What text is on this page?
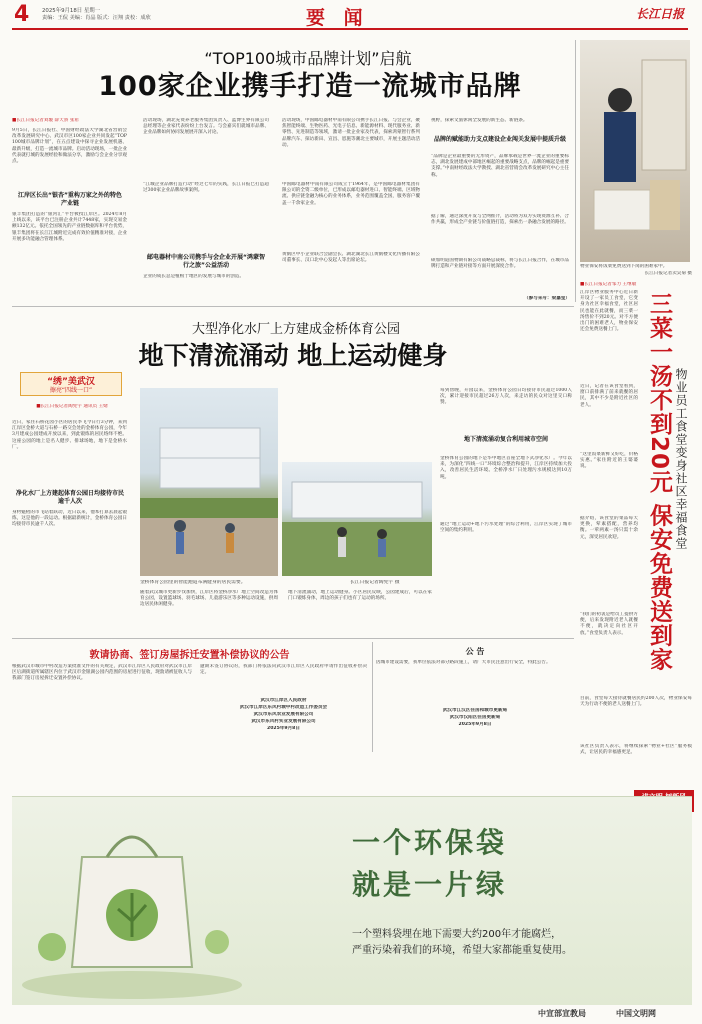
4 2025年9月18日 星期一
责编：王侃 美编：肖晶 版式：汪翔 责校：成欣	要 闻	长江日报
“TOP100城市品牌计划”启航
100家企业携手打造一流城市品牌
■长江日报记者刘璇 薛天骄 张希
9月5日，长江日报社、中国财经政法大学湖北省营销会改革发展研究中心、武汉市区100家企业共同发起“TOP100城市品牌计划”，在五点建设中探寻企业发展机遇、最新升级，打造一流城市品牌。启动活动现场，一批企业代表就打城的发展经验和做法分享，激励与会企业分享观点。
江岸区长出“银杏”重构万家之外的特色产业链
银丰集团打造的“银河汇”平台被授江岸区。2024年8月上线以来，该平台已注册企业共计7448家，实现交易金额132亿元。依托全国领先的产业链数据库和平台优势，银丰集团将在长江江城附近完成有效价值精准对接，企业开展多功能融合管理体系。
活动现场，湖北充资养老服务集团负责人、蓝博生界有限公司总经理等企业家代表纷纷上台发言。与会嘉宾们就城市品牌、企业品牌如何协同发展展开深入讨论。
“江城企业品牌打造行动”经过七年的实践，长江日报已打造超过300家企业品牌故事案例。
邮电器材中南公司携手与会企业开展“鸿蒙智行之旅”公益活动
企业的成长总是植根于地区的发展与城市的创造。
活动现场，中国邮电器材中南有限公司携手长江日报、与会企业，聚焦智能终端、生物医药、光电子信息、新能源材料、现代服务业、新零售、先进制造等领域，激请一批企业家及代表，探索鸿蒙智行系列品牌汽车、探访新田、宣昌、恩施等潮北主要城市，开展主题活动活动。
中国邮电器材中南有限公司成立于1964年，是中国邮电器材集团有限公司的全资二级单位，已形成以邮电器材进口、智能终端、区域物流、供应链金融为核心的业务体系，业务范围覆盖全国，服务客户覆盖一千余家企业。
黄鹤区中小企业联合会副会长、湖北湖北长江黄鹤楼文化传播有限公司董事长、汉口北中心发起人等出席论坛。
视野，探索文旅休闲全发展的新生态、新链条。
品牌的赋能助力支点建设企业闯关发展中提质升级
“品牌是企业最重要的无形资产，品牌承载是世界一流企业的重要标志，湖北发展建成中部地区崛起的重要战略支点，品牌的崛起是重要支撑。”中南财经政法大学教授、湖北省营销会改革发展研究中心主任称。
据了解，通过深度开发与全网推介，活动将为双方实现资源互补、合作共赢，形成全产业链与价值链打造，探索出一条融合发展的路径。
硕加明道国物期有限公司战略总裁称，将与长江日报合作，在城市品牌打造和产业链对接等方面开展深度合作。
（参与采写：梁嘉莹）
大型净化水厂上方建成金桥体育公园
地下清流涌动 地上运动健身
“绣”美武汉
擦亮“四线一口”
■长江日报记者陶宪宇 通讯员 王婧
近日，家住石桥花园小区的居民李飞今日行3分钟，来到江岸区金桥大道与石桥一路交会处的金桥体育公园，今年3月建成公园建成开放以来，到此锻炼的居民络绎不绝。这座公园的地上是名人健步、排球场地，地下是金桥水厂。
净化水厂上方建起体育公园日均接待市民逾千人次
身材魁梧的市飞站着跃动，近日以来，他本打算去晨起锻炼，这是他的一段运动。根据最新统计，金桥体育公园日均接待市民逾千人次。
金桥体育公园里的智能跑道布满健身的居民需要。	长江日报记者陶宪宇 摄
每到傍晚，开园以来，金桥体育公园日均接待市民超过1000人次，累计迎接市民超过26万人次，来走访的民众对这里交口称赞。
地下清流涌动复合利用城市空间
金桥体育公园的地下是华中地区首座全地下式净化水厂。今年以来，为深化“四线一口”环境综合整治和提升，江岸区持续加大投入，改善居民生活环境。全桥净水厂日处理污水规模达到10万吨。
通过“地上运动+地下污水处理”的综合利用，江岸区实现了城市空间的集约利用。
随着武汉城市更新步伐加快，江岸区将金桥净水厂地上空间改造为体育公园，设置篮球场、羽毛球场、儿童游乐区等多种运动设施，供周边居民休闲健身。
地下清流涌动，地上运动健身。小区居民反映，公园建成后，可以在家门口锻炼身体，周边的孩子们也有了运动的场所。
敦请协商、签订房屋拆迁安置补偿协议的公告
根据武汉市城市中村改造方案批准文件的有关规定，武汉市江岸区人民政府对武汉市江岸区后湖街道所属辖区内位于武汉市金银湖公园内范围的房屋进行征收，现敦请被征收人与我部门签订房屋拆迁安置补偿协议。
逾期未签订协议的，我部门将依法向武汉市江岸区人民政府申请作出征收补偿决定。
武汉市江岸区人民政府
武汉市江岸区东风村城中村改造工作委员会
武汉市东风农业发展有限公司
武汉市东风村实业发展有限公司
2025年9月8日
公 告
因城市建设需要，我单位依法对部分路段施工，请广大市民注意出行安全，特此公告。
武汉市江汉区住房和城市更新局
武汉市汉阳区住房更新局
2025年9月8日
物业保安将饭菜免费送到下岗的困难家中。
长江日报记者卖吴菊 摄
■长江日报记者邹力 王继敏
江岸区物业服务中心近日新开设了一家员工食堂，它变身为社区幸福食堂，社区居民也能在此就餐，而三菜一汤售价不到20元。对不方便出门的困难老人，物业保安还会免费送餐上门。
物业员工食堂变身社区幸福食堂
三菜一汤不到20元 保安免费送到家
近日，记者在该食堂看到，窗口前排满了前来就餐的居民，其中不少是附近社区的老人。
“这里饭菜新鲜又好吃，价格实惠。”家住附近的王婆婆说。
据介绍，该食堂的菜品每天更换，荤素搭配，营养均衡。一荤两素一汤只需十余元，深受居民欢迎。
“我们的初衷是给员工提供方便，后来发现附近老人就餐不便，就决定向社区开放。”食堂负责人表示。
目前，食堂每天接待就餐居民约200人次，物业保安每天为行动不便的老人送餐上门。
该社区负责人表示，将继续探索“物业+社区”服务模式，让居民的幸福感更足。
一个环保袋
就是一片绿
一个塑料袋埋在地下需要大约200年才能腐烂，
严重污染着我们的环境，希望大家都能重复使用。
中宣部宣教局	中国文明网
